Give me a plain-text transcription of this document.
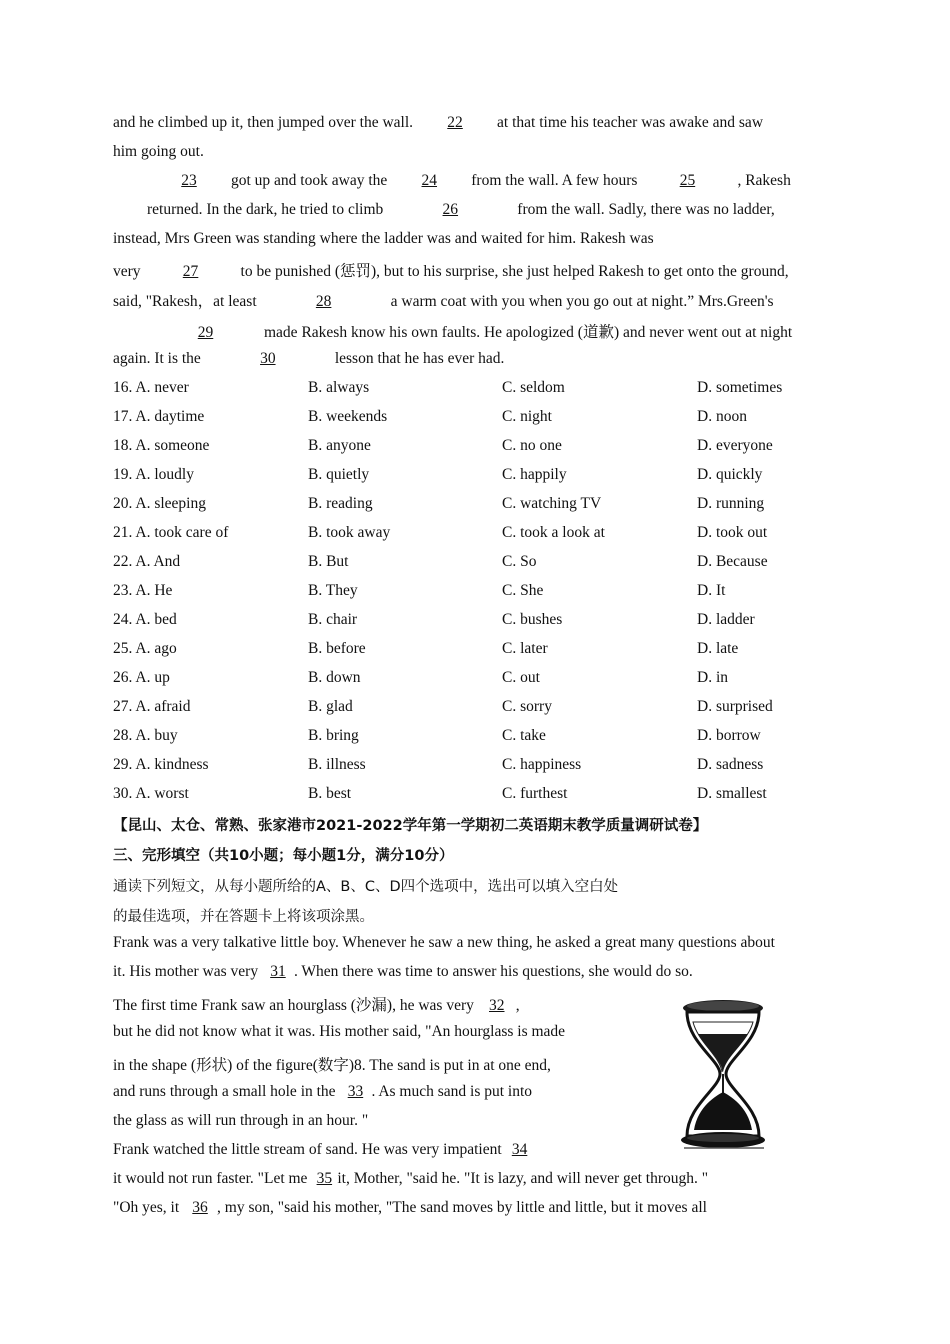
and he climbed up it, then jumped over the wall. 22 at that time his teacher was awake and saw
him going out.
23 got up and took away the 24 from the wall. A few hours	25	, Rakesh
returned. In the dark, he tried to climb	26	from the wall. Sadly, there was no ladder,
instead, Mrs Green was standing where the ladder was and waited for him. Rakesh was
very	27	to be punished (惩罚), but to his surprise, she just helped Rakesh to get onto the ground,
said, "Rakesh，at least	28	a warm coat with you when you go out at night.” Mrs.Green's
29	made Rakesh know his own faults. He apologized (道歉) and never went out at night
again. It is the	30	lesson that he has ever had.
16. A. never	B. always	C. seldom	D. sometimes
17. A. daytime	B. weekends	C. night	D. noon
18. A. someone	B. anyone	C. no one	D. everyone
19. A. loudly	B. quietly	C. happily	D. quickly
20. A. sleeping	B. reading	C. watching TV	D. running
21. A. took care of	B. took away	C. took a look at	D. took out
22. A. And	B. But	C. So	D. Because
23. A. He	B. They	C. She	D. It
24. A. bed	B. chair	C. bushes	D. ladder
25. A. ago	B. before	C. later	D. late
26. A. up	B. down	C. out	D. in
27. A. afraid	B. glad	C. sorry	D. surprised
28. A. buy	B. bring	C. take	D. borrow
29. A. kindness	B. illness	C. happiness	D. sadness
30. A. worst	B. best	C. furthest	D. smallest
【昆山、太仓、常熟、张家港市2021-2022学年第一学期初二英语期末教学质量调研试卷】
三、完形填空（共10小题；每小题1分，满分10分）
通读下列短文，从每小题所给的A、B、C、D四个选项中，选出可以填入空白处
的最佳选项，并在答题卡上将该项涂黑。
Frank was a very talkative little boy. Whenever he saw a new thing, he asked a great many questions about
it. His mother was very 31 . When there was time to answer his questions, she would do so.
The first time Frank saw an hourglass (沙漏), he was very 32 ,
but he did not know what it was. His mother said, "An hourglass is made
in the shape (形状) of the figure(数字)8. The sand is put in at one end,
and runs through a small hole in the 33 . As much sand is put into
the glass as will run through in an hour. "
Frank watched the little stream of sand. He was very impatient 34
it would not run faster. "Let me 35 it, Mother, "said he. "It is lazy, and will never get through. "
"Oh yes, it 36 , my son, "said his mother, "The sand moves by little and little, but it moves all
